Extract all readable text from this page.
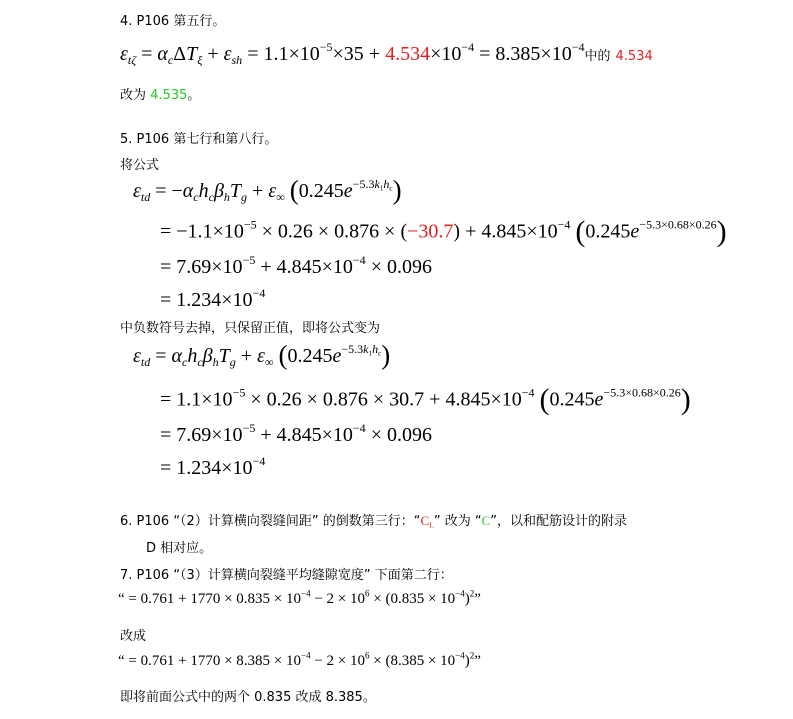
4. P106 第五行。
$\varepsilon_{t\zeta} = \alpha_c\Delta T_\xi + \varepsilon_{sh} = 1.1\times 10^{-5}\times 35 + 4.534\times 10^{-4} = 8.385\times 10^{-4}$中的 4.534
改为 4.535。
5. P106 第七行和第八行。
将公式
$\varepsilon_{td} = -\alpha_ch_c\beta_hT_g + \varepsilon_\infty$ $(0.245e^{-5.3k_1h_c})$
= $-1.1\times 10^{-5} \times 0.26 \times 0.876 \times (-30.7) + 4.845\times 10^{-4}$ $(0.245e^{-5.3\times 0.68\times 0.26})$
= $7.69\times 10^{-5} + 4.845\times 10^{-4} \times 0.096$
= $1.234\times 10^{-4}$
中负数符号去掉，只保留正值，即将公式变为
$\varepsilon_{td} = \alpha_ch_c\beta_hT_g + \varepsilon_\infty$ $(0.245e^{-5.3k_1h_c})$
= $1.1\times 10^{-5} \times 0.26 \times 0.876 \times 30.7 + 4.845\times 10^{-4}$ $(0.245e^{-5.3\times 0.68\times 0.26})$
= $7.69\times 10^{-5} + 4.845\times 10^{-4} \times 0.096$
= $1.234\times 10^{-4}$
6. P106 “（2）计算横向裂缝间距” 的倒数第三行：“$C_L$” 改为 “C”，以和配筋设计的附录
D 相对应。
7. P106 “（3）计算横向裂缝平均缝隙宽度” 下面第二行：
“ = $0.761 + 1770 \times 0.835 \times 10^{-4} - 2 \times 10^6 \times (0.835 \times 10^{-4})^2$”
改成
“ = $0.761 + 1770 \times 8.385 \times 10^{-4} - 2 \times 10^6 \times (8.385 \times 10^{-4})^2$”
即将前面公式中的两个 0.835 改成 8.385。
